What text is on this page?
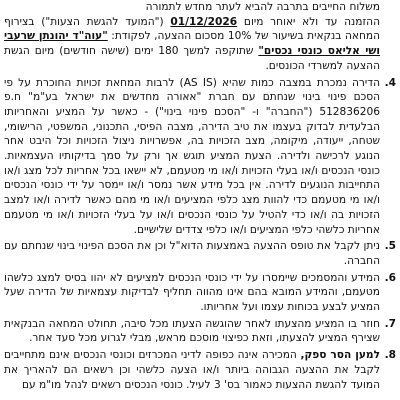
משלוח החייבים בתרבה להביא לעתר מחדש לתמורה
ההזמנה עד ולא יאוחר מיום 01/12/2026 ("המועד להגשת הצעות") בצירוף המחאה בנקאית בשיעור של 10% מסכום ההצעה, לפקודת: "עוה"ד יהונתן שרעבי ושי אליאס כונסי נכסים" שתוקפה למשך 180 ימים (שישה חודשים) מיום הגשת ההצעה למשרדי הכונסים.
4.
הדירה נמכרת במצבה כמות שהיא (AS IS) לרבות המחאת זכויות החוכרת על פי הסכם פינוי בינוי שנחתם עם חברת "אאורה מחדשים את ישראל בע"מ" ח.פ 512836206 ("החברה" ו- "הסכם פינוי בינוי") - כאשר על המציע והאחריותו הבלעדית לבדוק בעצמו את טיב הדירה, מצבה הפיסי, התכנוני, המשפטי, הרישומי, שטחה, ייעודה, מיקומה, מצב הזכויות בה, אפשרויות ניצול הזכויות וכל היבט אחר הנוגע לרכישה ולדירה. הצעת המציע תוגש אך ורק על סמך בדיקותיו העצמאיות. כונסי הנכסים ו/או בעלי הזכויות ו/או מי מטעמם, לא יישאו בכל אחריות לכל מצג ו/או התחייבות הנוגעים לדירה. אין בכל מידע אשר נמסר ו/או יימסר על ידי כונסי הנכסים ו/או מי מטעמם כדי להוות מצג כלפי המציעים ו/או מי מהם כאשר לדירה ו/או למצב הזכויות בה ו/או כדי להטיל על כונסי הנכסים ו/או על בעלי הזכויות ו/או מי מטעמם אחריות כלשהי כלפי המציעים ו/או כלפי צדדים שלישיים.
5.
ניתן לקבל את טופס ההצעה באמצעות הדוא"ל וכן את הסכם הפינוי בינוי שנחתם עם החברה.
6.
המידע והמסמכים שיימסרו על ידי כונסי הנכסים למציעים לא יהוו בסיס למצג כלשהו מטעמם, והמידע המובא בהם אינו מהווה תחליף לבדיקות עצמאיות של הדירה שעל המציע לבצע בכוחות עצמו ועל אחריותו.
7.
חוזר בו המציע מהצעתו לאחר שהוגשה הצעתו מכל סיבה, תחולט המחאה הבנקאית שצירף המציע להצעתו, וזאת כפיצוי מוסכם מראש, מבלי לגרוע מכל סעד אחר.
8.
למען הסר ספק, המכירה אינה כפופה לדיני המכרזים וכונסי הנכסים אינם מתחייבים לקבל את ההצעה הגבוהה ביותר ו/או הצעה כלשהי וכן רשאים הם להאריך את המועד להגשת ההצעות כאמור בס' 3 לעיל. כונסי הנכסים רשאים לנהל מו"מ עם
